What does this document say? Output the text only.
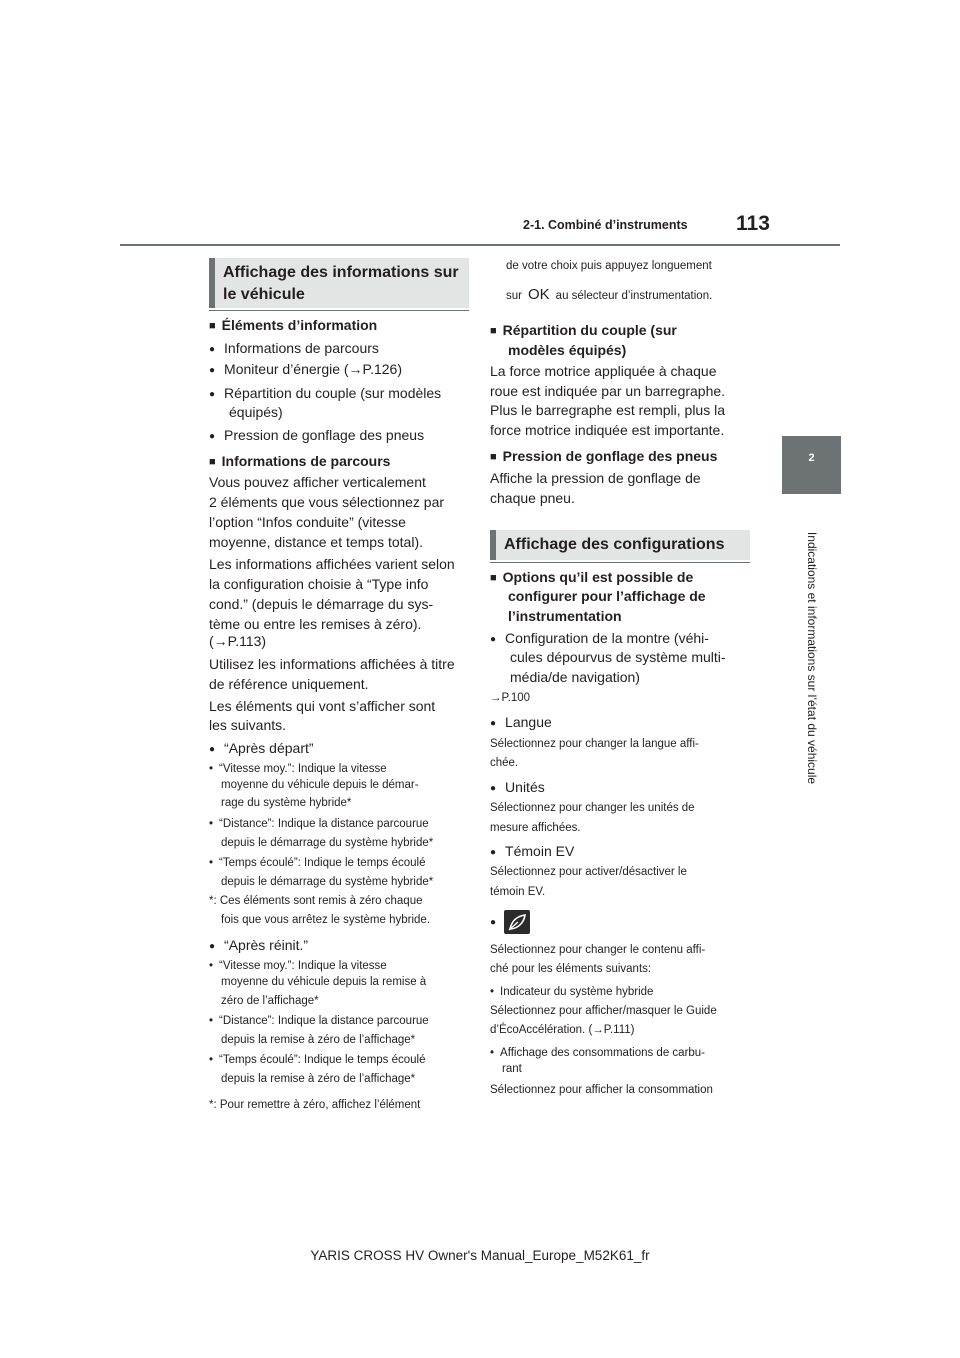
2-1. Combiné d’instruments 113
2
Indications et informations sur l’état du véhicule
Affichage des informations sur
le véhicule
■ Éléments d’information
● Informations de parcours
● Moniteur d’énergie (→P.126)
● Répartition du couple (sur modèles
équipés)
● Pression de gonflage des pneus
■ Informations de parcours
Vous pouvez afficher verticalement
2 éléments que vous sélectionnez par
l’option “Infos conduite” (vitesse
moyenne, distance et temps total).
Les informations affichées varient selon
la configuration choisie à “Type info
cond.” (depuis le démarrage du sys-
tème ou entre les remises à zéro).
(→P.113)
Utilisez les informations affichées à titre
de référence uniquement.
Les éléments qui vont s’afficher sont
les suivants.
● “Après départ”
• “Vitesse moy.”: Indique la vitesse
moyenne du véhicule depuis le démar-
rage du système hybride*
• “Distance”: Indique la distance parcourue
depuis le démarrage du système hybride*
• “Temps écoulé”: Indique le temps écoulé
depuis le démarrage du système hybride*
*: Ces éléments sont remis à zéro chaque
fois que vous arrêtez le système hybride.
● “Après réinit.”
• “Vitesse moy.”: Indique la vitesse
moyenne du véhicule depuis la remise à
zéro de l’affichage*
• “Distance”: Indique la distance parcourue
depuis la remise à zéro de l’affichage*
• “Temps écoulé”: Indique le temps écoulé
depuis la remise à zéro de l’affichage*
*: Pour remettre à zéro, affichez l’élément
de votre choix puis appuyez longuement
sur OK au sélecteur d’instrumentation.
■ Répartition du couple (sur
modèles équipés)
La force motrice appliquée à chaque
roue est indiquée par un barregraphe.
Plus le barregraphe est rempli, plus la
force motrice indiquée est importante.
■ Pression de gonflage des pneus
Affiche la pression de gonflage de
chaque pneu.
Affichage des configurations
■ Options qu’il est possible de
configurer pour l’affichage de
l’instrumentation
● Configuration de la montre (véhi-
cules dépourvus de système multi-
média/de navigation)
→P.100
● Langue
Sélectionnez pour changer la langue affi-
chée.
● Unités
Sélectionnez pour changer les unités de
mesure affichées.
● Témoin EV
Sélectionnez pour activer/désactiver le
témoin EV.
●
Sélectionnez pour changer le contenu affi-
ché pour les éléments suivants:
• Indicateur du système hybride
Sélectionnez pour afficher/masquer le Guide
d’ÉcoAccélération. (→P.111)
• Affichage des consommations de carbu-
rant
Sélectionnez pour afficher la consommation
YARIS CROSS HV Owner's Manual_Europe_M52K61_fr
